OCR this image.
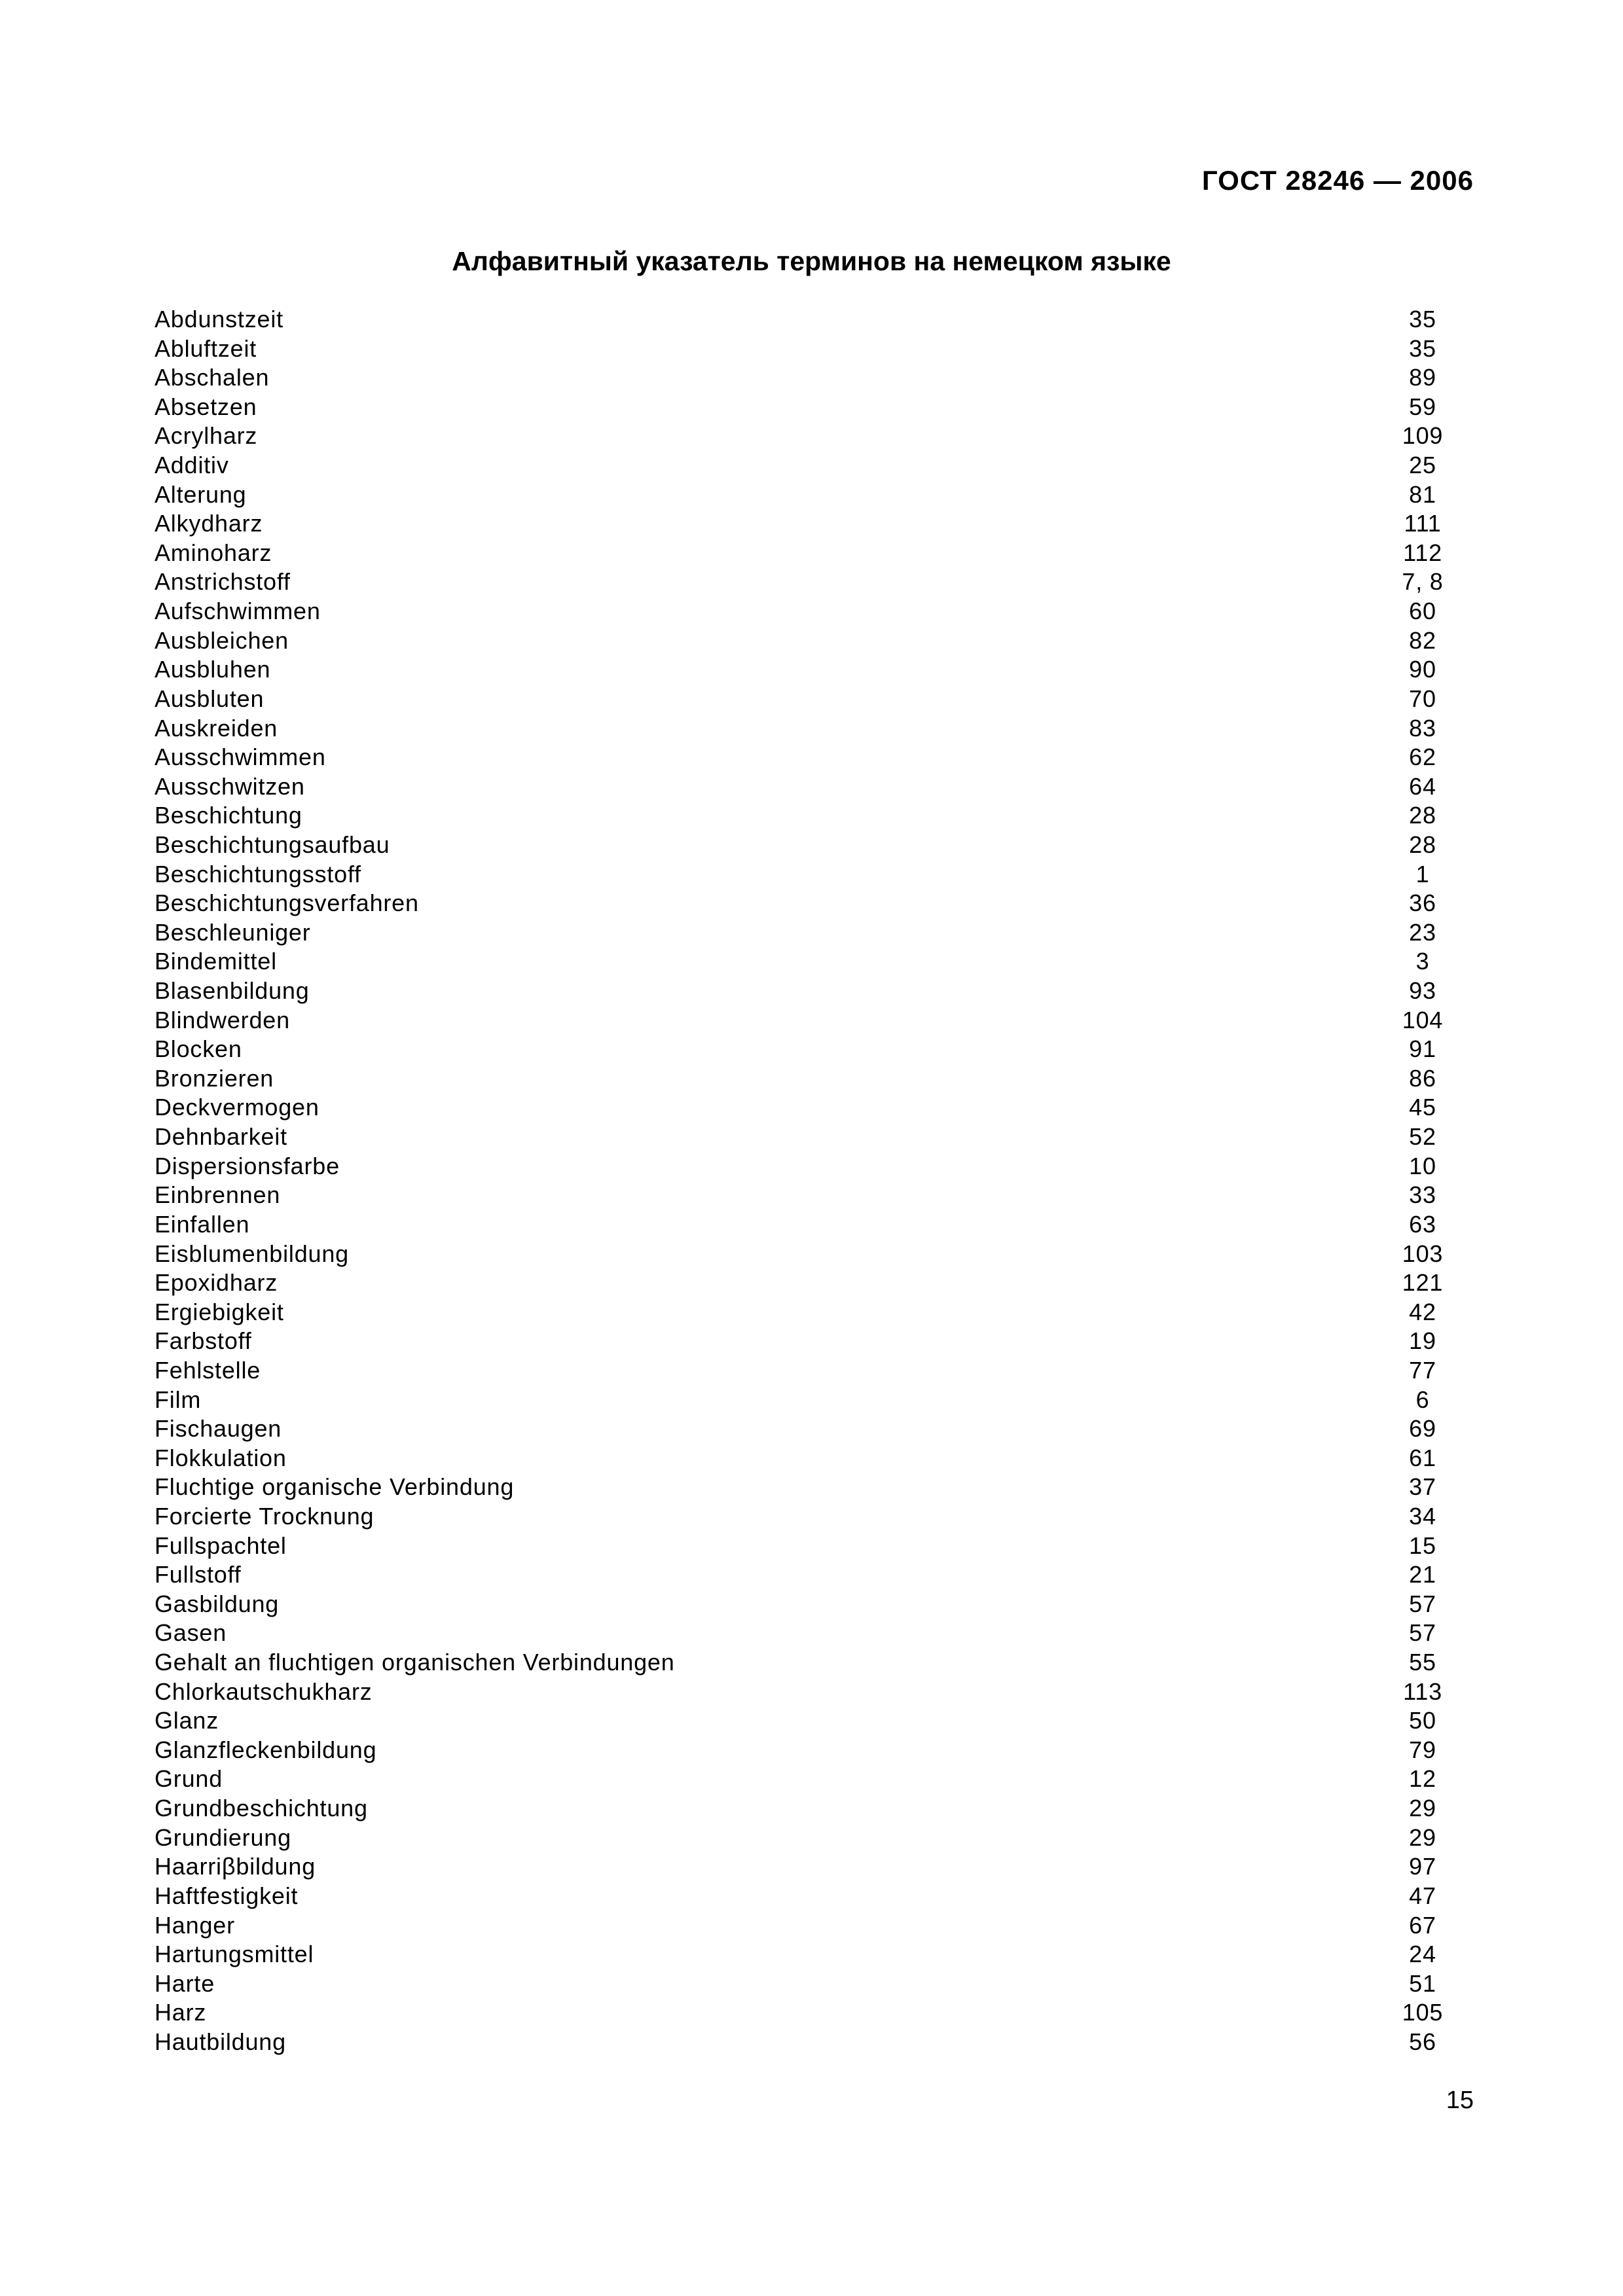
ГОСТ 28246 — 2006
Алфавитный указатель терминов на немецком языке
Abdunstzeit	35
Abluftzeit	35
Abschalen	89
Absetzen	59
Acrylharz	109
Additiv	25
Alterung	81
Alkydharz	111
Aminoharz	112
Anstrichstoff	7, 8
Aufschwimmen	60
Ausbleichen	82
Ausbluhen	90
Ausbluten	70
Auskreiden	83
Ausschwimmen	62
Ausschwitzen	64
Beschichtung	28
Beschichtungsaufbau	28
Beschichtungsstoff	1
Beschichtungsverfahren	36
Beschleuniger	23
Bindemittel	3
Blasenbildung	93
Blindwerden	104
Blocken	91
Bronzieren	86
Deckvermogen	45
Dehnbarkeit	52
Dispersionsfarbe	10
Einbrennen	33
Einfallen	63
Eisblumenbildung	103
Epoxidharz	121
Ergiebigkeit	42
Farbstoff	19
Fehlstelle	77
Film	6
Fischaugen	69
Flokkulation	61
Fluchtige organische Verbindung	37
Forcierte Trocknung	34
Fullspachtel	15
Fullstoff	21
Gasbildung	57
Gasen	57
Gehalt an fluchtigen organischen Verbindungen	55
Chlorkautschukharz	113
Glanz	50
Glanzfleckenbildung	79
Grund	12
Grundbeschichtung	29
Grundierung	29
Haarriβbildung	97
Haftfestigkeit	47
Hanger	67
Hartungsmittel	24
Harte	51
Harz	105
Hautbildung	56
15
